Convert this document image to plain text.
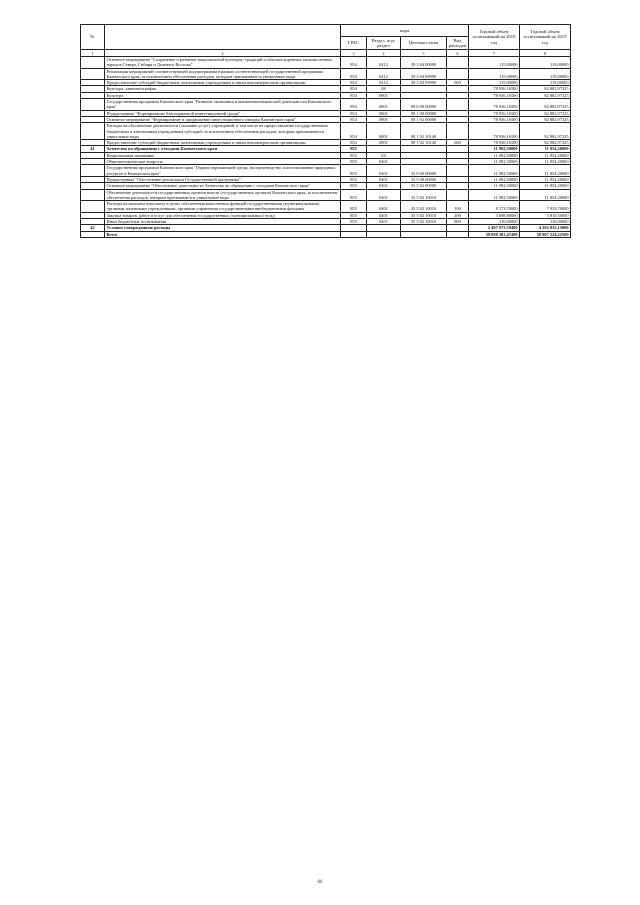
№		коды				Годовой объем ассигнований на 2018 год	Годовой объем ассигнований на 2019 год
		ГРБС	Раздел, под-раздел	Целевая статья	Вид расходов		
1	2	3	4	5	6	7	8
	Основное мероприятие "Сохранение и развитие национальной культуры, традиций и обычаев коренных малочисленных народов Севера, Сибири и Дальнего Востока"	854	0412	39 3 04 00000		115,00000	119,00000
	Реализация мероприятий соответствующей подпрограммы в рамках соответствующей государственной программы Камчатского края, за исключением обеспечения расходов, которым присваиваются уникальные коды	854	0412	39 3 04 09990		115,00000	119,00000
	Предоставление субсидий бюджетным, автономным учреждениям и иным некоммерческим организациям	854	0412	39 3 04 09990	600	115,00000	119,00000
	Культура, кинематография	854	08			78 936,16500	82 882,97325
	Культура	854	0801			78 936,16500	82 882,97325
	Государственная программа Камчатского края "Развитие экономики и внешнеэкономической деятельности Камчатского края"	854	0801	08 0 00 00000		78 936,16500	82 882,97325
	Подпрограмма "Формирование благоприятной инвестиционной среды"	854	0801	08 1 00 00000		78 936,16500	82 882,97325
	Основное мероприятие "Формирование и продвижение инвестиционного имиджа Камчатского края"	854	0801	08 1 02 00000		78 936,16500	82 882,97325
	Расходы на обеспечение деятельности (оказание услуг) учреждений, в том числе на предоставление государственным бюджетным и автономным учреждениям субсидий, за исключением обеспечения расходов, которым присваиваются уникальные коды	854	0801	08 1 02 10140		78 936,16500	82 882,97325
	Предоставление субсидий бюджетным, автономным учреждениям и иным некоммерческим организациям	854	0801	08 1 02 10140	600	78 936,16500	82 882,97325
41	Агентство по обращению с отходами Камчатского края	855				11 982,50000	11 854,20000
	Национальная экономика	855	04			11 982,50000	11 854,20000
	Общеэкономические вопросы	855	0401			11 982,50000	11 854,20000
	Государственная программа Камчатского края "Охрана окружающей среды, воспроизводство и использование природных ресурсов в Камчатском крае"	855	0401	35 0 00 00000		11 982,50000	11 854,20000
	Подпрограмма "Обеспечение реализации Государственной программы"	855	0401	35 5 00 00000		11 982,50000	11 854,20000
	Основное мероприятие "Обеспечение деятельности Агентства по обращению с отходами Камчатского края"	855	0401	35 5 02 00000		11 982,50000	11 854,20000
	Обеспечение деятельности государственных органов власти (государственных органов) Камчатского края, за исключением обеспечения расходов, которым присваиваются уникальные коды	855	0401	35 5 02 10010		11 982,50000	11 854,20000
	Расходы на выплаты персоналу в целях обеспечения выполнения функций государственными (муниципальными) органами, казенными учреждениями, органами управления государственными внебюджетными фондами	855	0401	35 5 02 10010	100	8 173,70000	7 933,70000
	Закупка товаров, работ и услуг для обеспечения государственных (муниципальных) нужд	855	0401	35 5 02 10010	200	3 698,80000	3 810,50000
	Иные бюджетные ассигнования	855	0401	35 5 02 10010	800	110,00000	110,00000
42	Условно утвержденные расходы					2 497 973,58400	4 302 833,15000
	Всего					59 088 202,47400	59 907 224,22500
66
